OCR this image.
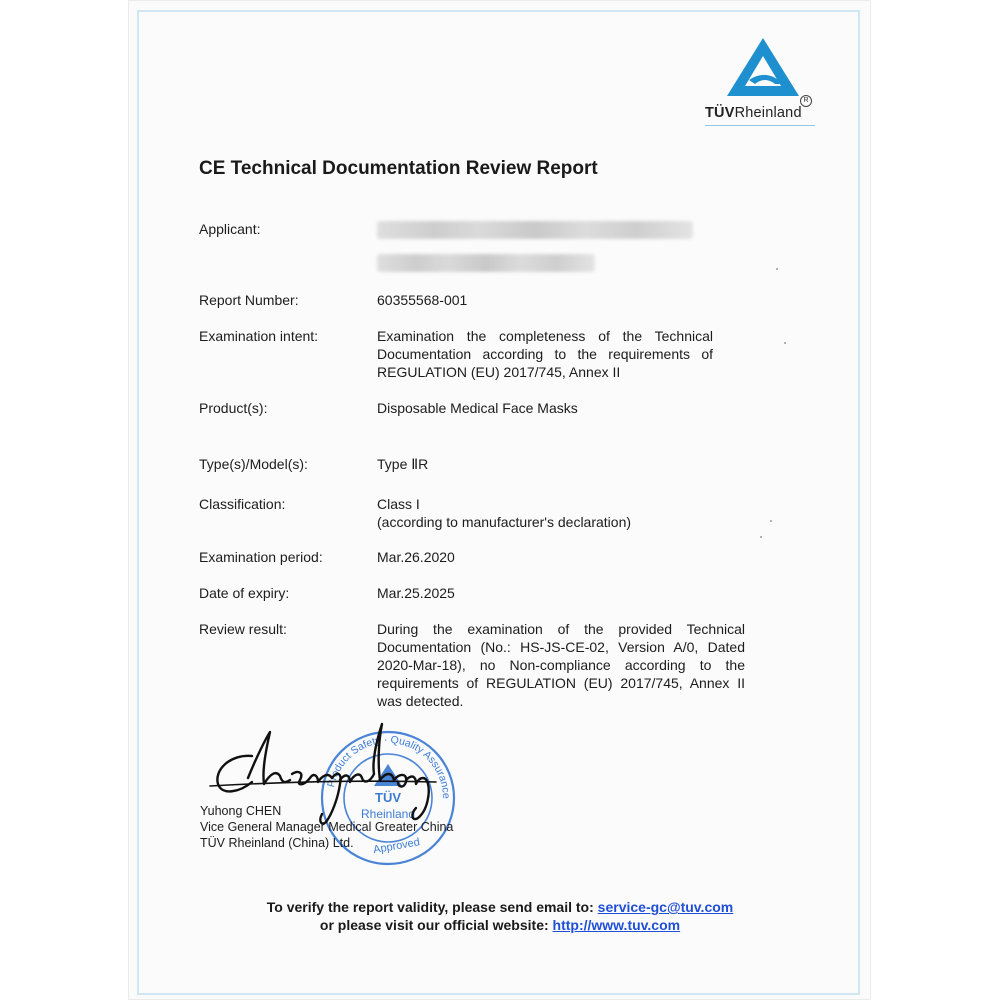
TÜVRheinland
R
CE Technical Documentation Review Report
Applicant:
Report Number:	60355568-001
Examination intent:	Examination the completeness of the Technical Documentation according to the requirements of REGULATION (EU) 2017/745, Annex II
Product(s):	Disposable Medical Face Masks
Type(s)/Model(s):	Type ⅡR
Classification:	Class I
(according to manufacturer's declaration)
Examination period:	Mar.26.2020
Date of expiry:	Mar.25.2025
Review result:	During the examination of the provided Technical Documentation (No.: HS-JS-CE-02, Version A/0, Dated 2020-Mar-18), no Non-compliance according to the requirements of REGULATION (EU) 2017/745, Annex II was detected.
Product Safety · Quality Assurance
TÜV
Rheinland
Approved
Yuhong CHEN
Vice General Manager Medical Greater China
TÜV Rheinland (China) Ltd.
To verify the report validity, please send email to: service-gc@tuv.com
or please visit our official website: http://www.tuv.com
